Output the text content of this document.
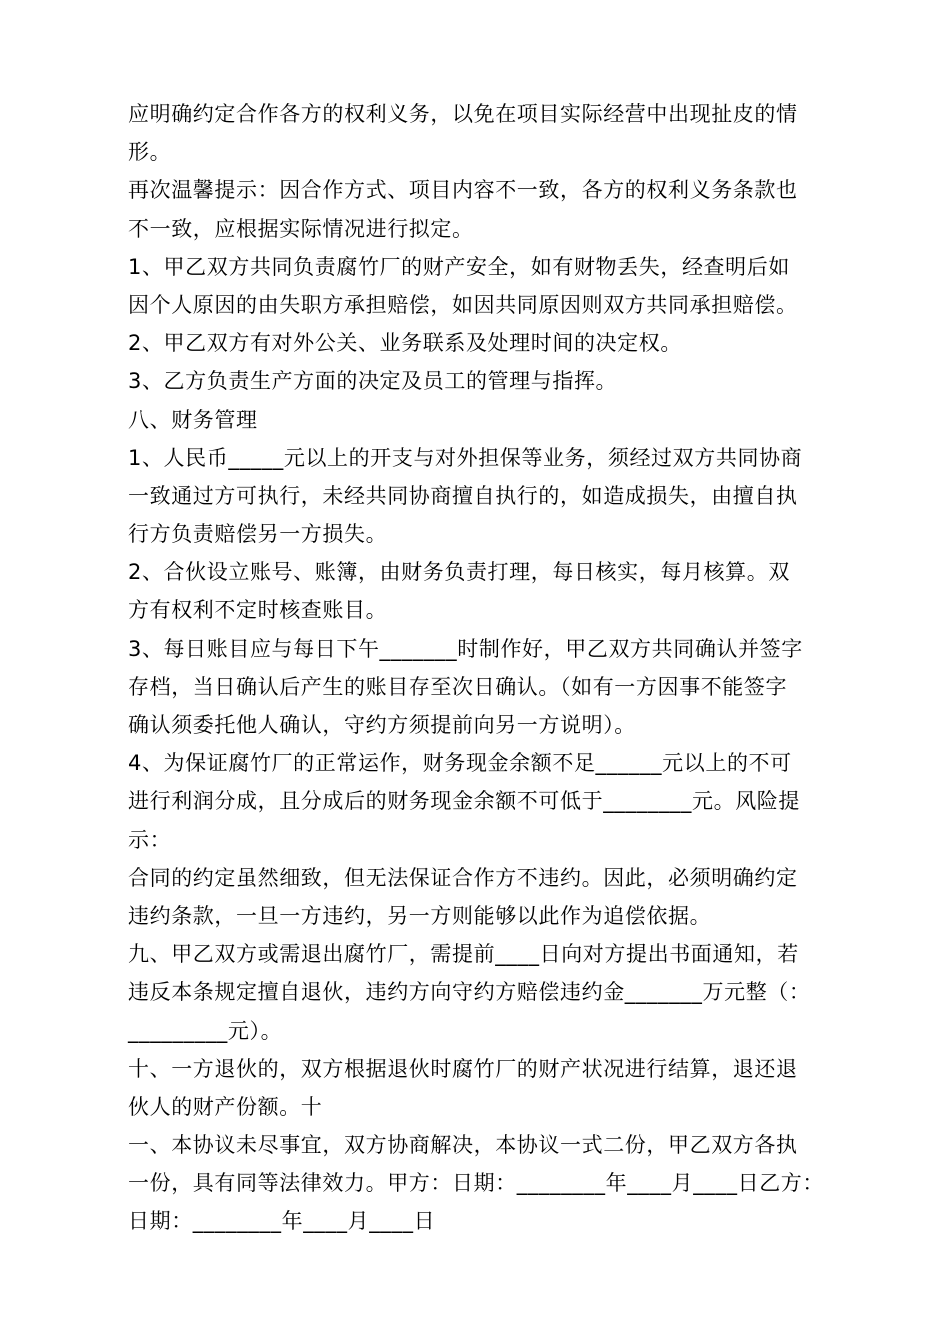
应明确约定合作各方的权利义务，以免在项目实际经营中出现扯皮的情
形。
再次温馨提示：因合作方式、项目内容不一致，各方的权利义务条款也
不一致，应根据实际情况进行拟定。
1、甲乙双方共同负责腐竹厂的财产安全，如有财物丢失，经查明后如
因个人原因的由失职方承担赔偿，如因共同原因则双方共同承担赔偿。
2、甲乙双方有对外公关、业务联系及处理时间的决定权。
3、乙方负责生产方面的决定及员工的管理与指挥。
八、财务管理
1、人民币_____元以上的开支与对外担保等业务，须经过双方共同协商
一致通过方可执行，未经共同协商擅自执行的，如造成损失，由擅自执
行方负责赔偿另一方损失。
2、合伙设立账号、账簿，由财务负责打理，每日核实，每月核算。双
方有权利不定时核查账目。
3、每日账目应与每日下午_______时制作好，甲乙双方共同确认并签字
存档，当日确认后产生的账目存至次日确认。（如有一方因事不能签字
确认须委托他人确认，守约方须提前向另一方说明）。
4、为保证腐竹厂的正常运作，财务现金余额不足______元以上的不可
进行利润分成，且分成后的财务现金余额不可低于________元。风险提
示：
合同的约定虽然细致，但无法保证合作方不违约。因此，必须明确约定
违约条款，一旦一方违约，另一方则能够以此作为追偿依据。
九、甲乙双方或需退出腐竹厂，需提前____日向对方提出书面通知，若
违反本条规定擅自退伙，违约方向守约方赔偿违约金_______万元整（：
_________元）。
十、一方退伙的，双方根据退伙时腐竹厂的财产状况进行结算，退还退
伙人的财产份额。十
一、本协议未尽事宜，双方协商解决，本协议一式二份，甲乙双方各执
一份，具有同等法律效力。甲方：日期：________年____月____日乙方：
日期：________年____月____日
